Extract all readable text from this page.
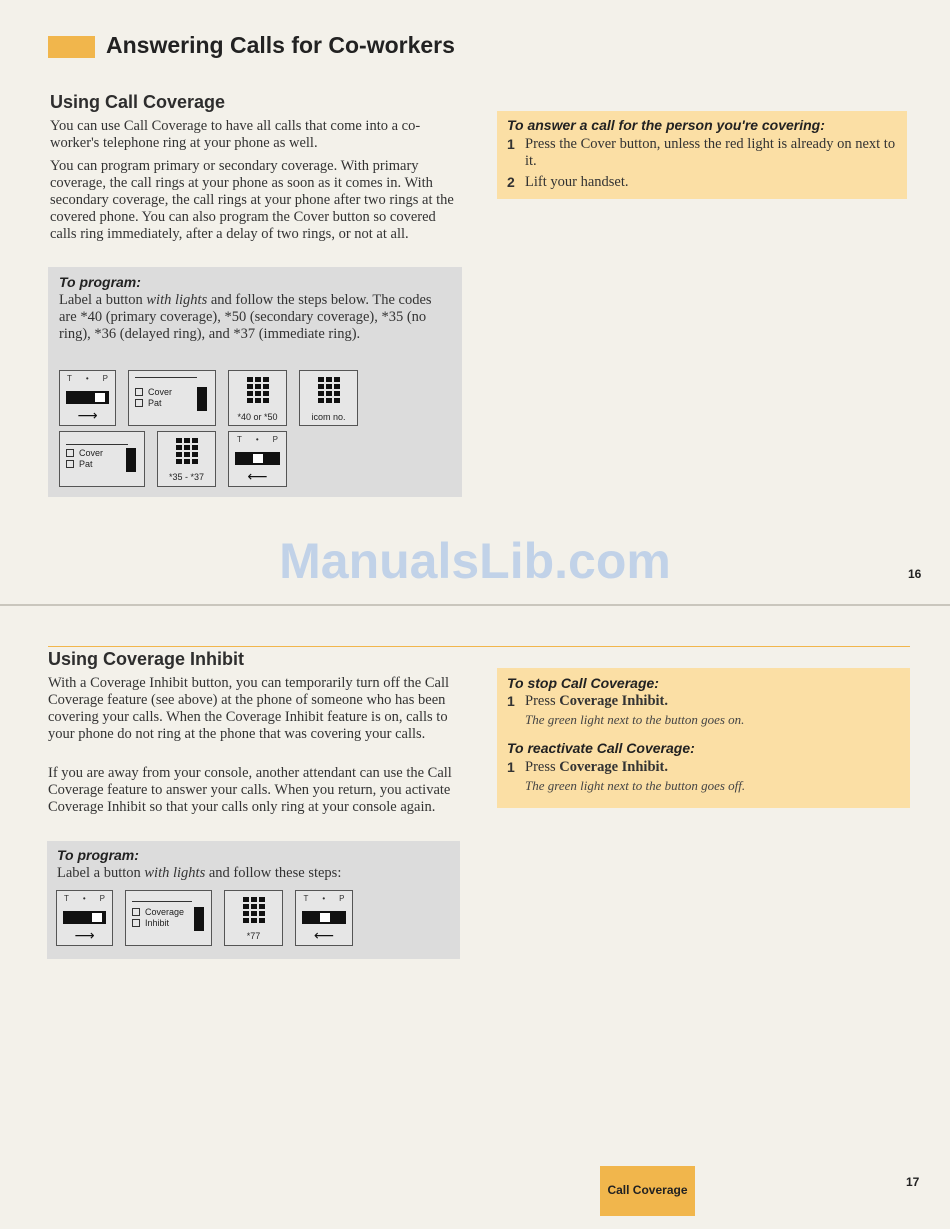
Answering Calls for Co-workers
Using Call Coverage

You can use Call Coverage to have all calls that come into a co-worker's telephone ring at your phone as well.

You can program primary or secondary coverage. With primary coverage, the call rings at your phone as soon as it comes in. With secondary coverage, the call rings at your phone after two rings at the covered phone. You can also program the Cover button so covered calls ring immediately, after a delay of two rings, or not at all.

To program:

Label a button with lights and follow the steps below. The codes are *40 (primary coverage), *50 (secondary coverage), *35 (no ring), *36 (delayed ring), and *37 (immediate ring).

T • P
⟶
Cover
Pat
*40 or *50	icom no.
Cover
Pat
*35 - *37
T • P
⟵
To answer a call for the person you're covering:
1 Press the Cover button, unless the red light is already on next to it.
2 Lift your handset.
ManualsLib.com	16
Using Coverage Inhibit

With a Coverage Inhibit button, you can temporarily turn off the Call Coverage feature (see above) at the phone of someone who has been covering your calls. When the Coverage Inhibit feature is on, calls to your phone do not ring at the phone that was covering your calls.

If you are away from your console, another attendant can use the Call Coverage feature to answer your calls. When you return, you activate Coverage Inhibit so that your calls only ring at your console again.

To program:

Label a button with lights and follow these steps:

T • P
⟶
Coverage
Inhibit
*77
T • P
⟵
To stop Call Coverage:
1 Press Coverage Inhibit.
The green light next to the button goes on.
To reactivate Call Coverage:
1 Press Coverage Inhibit.
The green light next to the button goes off.
Call Coverage
17
